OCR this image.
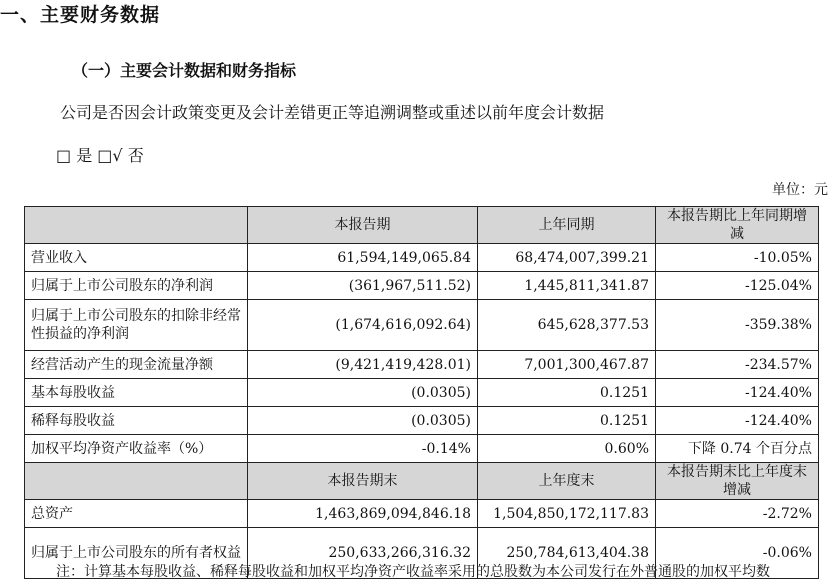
一、主要财务数据
（一）主要会计数据和财务指标
公司是否因会计政策变更及会计差错更正等追溯调整或重述以前年度会计数据
□ 是 □√ 否
单位：元
	本报告期	上年同期	本报告期比上年同期增减
营业收入	61,594,149,065.84	68,474,007,399.21	-10.05%
归属于上市公司股东的净利润	(361,967,511.52)	1,445,811,341.87	-125.04%
归属于上市公司股东的扣除非经常性损益的净利润	(1,674,616,092.64)	645,628,377.53	-359.38%
经营活动产生的现金流量净额	(9,421,419,428.01)	7,001,300,467.87	-234.57%
基本每股收益	(0.0305)	0.1251	-124.40%
稀释每股收益	(0.0305)	0.1251	-124.40%
加权平均净资产收益率（%）	-0.14%	0.60%	下降 0.74 个百分点
	本报告期末	上年度末	本报告期末比上年度末增减
总资产	1,463,869,094,846.18	1,504,850,172,117.83	-2.72%
归属于上市公司股东的所有者权益	250,633,266,316.32	250,784,613,404.38	-0.06%
注：计算基本每股收益、稀释每股收益和加权平均净资产收益率采用的总股数为本公司发行在外普通股的加权平均数
